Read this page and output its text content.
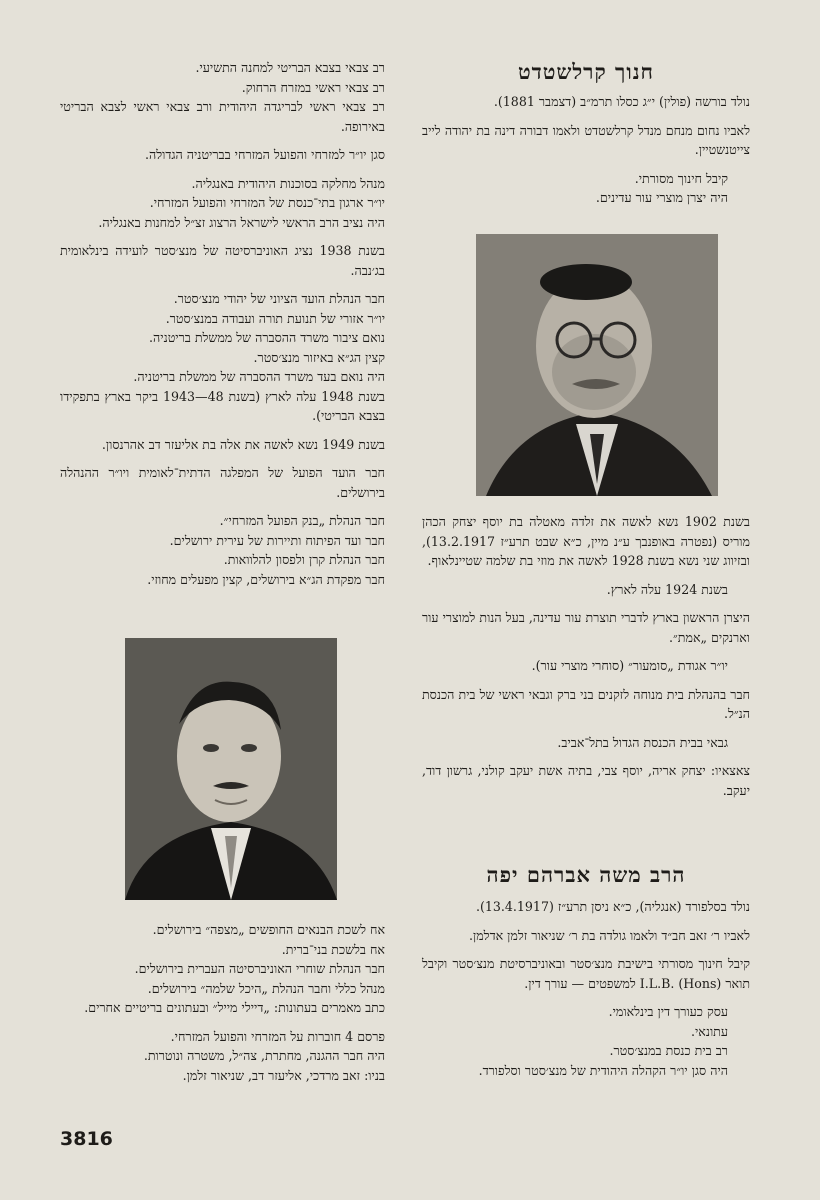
חנוך קרלשטדט

נולד בורשה (פולין) י״ג כסלו תרמ״ב (דצמבר 1881).

לאביו נחום מנחם מנדל קרלשטדט ולאמו דבורה דינה בת יהודה לייב צייטנשטיין.

קיבל חינוך מסורתי.
היה יצרן מוצרי עור עדינים.

בשנת 1902 נשא לאשה את זלדה מאטלה בת יוסף יצחק הכהן מוריס (נפטרה באופנבך ע״נ מיין, כ״א שבט תרע״ז 13.2.1917), ובזיווג שני נשא בשנת 1928 לאשה את מוזי בת שלמה שטיינלאוף.

בשנת 1924 עלה לארץ.

היצרן הראשון בארץ לדברי תוצרת עור עדינה, בעל הנות למוצרי עור וארנקים „אמת״.

יו״ר אגודת „סומעור״ (סוחרי מוצרי עור).

חבר בהנהלת בית מנוחה לזקנים בני ברק וגבאי ראשי של בית הכנסת הנ״ל.

גבאי בבית הכנסת הגדול בתל־אביב.

צאצאיו: יצחק אריה, יוסף צבי, בתיה אשת יעקב קולני, גרשון דוד, יעקב.

הרב משה אברהם יפה

נולד בסלפורד (אנגליה), כ״א ניסן תרע״ז (13.4.1917).

לאביו ר׳ זאב חב״ד ולאמו גולדה בת ר׳ שניאור זלמן אדלמן.

קיבל חינוך מסורתי בישיבת מנצ׳סטר ובאוניברסיטת מנצ׳סטר וקיבל תואר I.L.B. (Hons) למשפטים — עורך דין.

עסק כעורך דין בינלאומי.
עתונאי.
רב בית כנסת במנצ׳סטר.
היה סגן יו״ר הקהלה היהודית של מנצ׳סטר וסלפורד.
רב צבאי בצבא הבריטי למחנה התשיעי.
רב צבאי ראשי במזרח הרחוק.

רב צבאי ראשי לבריגדה היהודית ורב צבאי ראשי לצבא הבריטי באירופה.

סגן יו״ר למזרחי והפועל המזרחי בבריטניה הגדולה.

מנהל מחלקה בסוכנות היהודית באנגליה.
יו״ר ארגון בתי־כנסת של המזרחי והפועל המזרחי.

היה נציב הרב הראשי לישראל הרצוג זצ״ל למחנות באנגליה.

בשנת 1938 נציג האוניברסיטה של מנצ׳סטר לועידה בינלאומית בג׳נבה.

חבר הנהלת הועד הציוני של יהודי מנצ׳סטר.
יו״ר אזורי של תנועת תורה ועבודה במנצ׳סטר.
נואם ציבור משרד ההסברה של ממשלת בריטניה.
קצין הג״א באיזור מנצ׳סטר.
היה נואם בעד משרד ההסברה של ממשלת בריטניה.

בשנת 1948 עלה לארץ (בשנת 48—1943 ביקר בארץ בתפקידו בצבא הבריטי).

בשנת 1949 נשא לאשה את אלה בת אליעזר דב אהרנסון.

חבר הועד הפועל של המפלגה הדתית־לאומית ויו״ר ההנהלה בירושלים.

חבר הנהלת „בנק הפועל המזרחי״.
חבר ועד הפיתוח ותיירות של עירית ירושלים.
חבר הנהלת קרן ולפסון להלוואות.
חבר מפקדת הג״א בירושלים, קצין מפעלים מחוזי.
אח לשכת הבנאים החופשים „מצפה״ בירושלים.
אח בלשכת בני־ברית.
חבר הנהלת שוחרי האוניברסיטה העברית בירושלים.
מנהל כללי וחבר הנהלת „היכל שלמה״ בירושלים.

כתב מאמרים בעתונות: „דיילי מייל״ ובעתונים בריטיים אחרים.

פרסם 4 חוברות על המזרחי והפועל המזרחי.
היה חבר ההגנה, מחתרת, צה״ל, משטרה ונוטרות.
בניו: זאב מרדכי, אליעזר דב, שניאור זלמן.
3816
